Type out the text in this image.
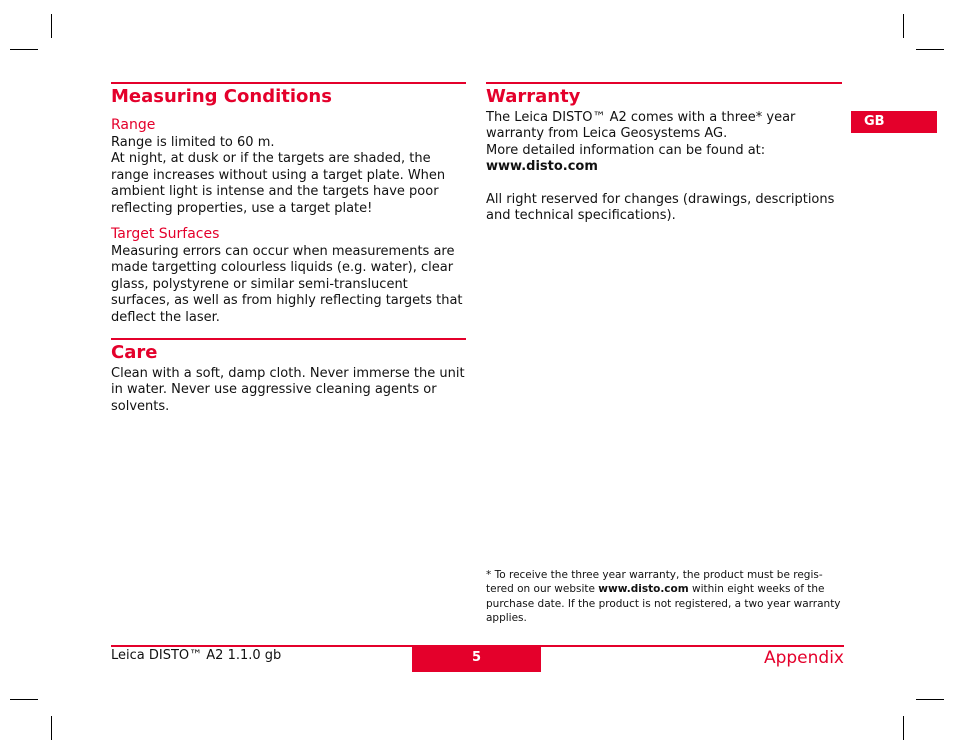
Measuring Conditions
Range

Range is limited to 60 m.

At night, at dusk or if the targets are shaded, the range increases without using a target plate. When ambient light is intense and the targets have poor reflecting properties, use a target plate!

Target Surfaces

Measuring errors can occur when measurements are made targetting colourless liquids (e.g. water), clear glass, polystyrene or similar semi-translucent surfaces, as well as from highly reflecting targets that deflect the laser.

Care

Clean with a soft, damp cloth. Never immerse the unit in water. Never use aggressive cleaning agents or solvents.

Warranty

The Leica DISTO™ A2 comes with a three* year warranty from Leica Geosystems AG.

More detailed information can be found at:

www.disto.com

All right reserved for changes (drawings, descriptions and technical specifications).

GB
* To receive the three year warranty, the product must be regis-tered on our website www.disto.com within eight weeks of the purchase date. If the product is not registered, a two year warranty applies.
Leica DISTO™ A2 1.1.0 gb	5	Appendix
